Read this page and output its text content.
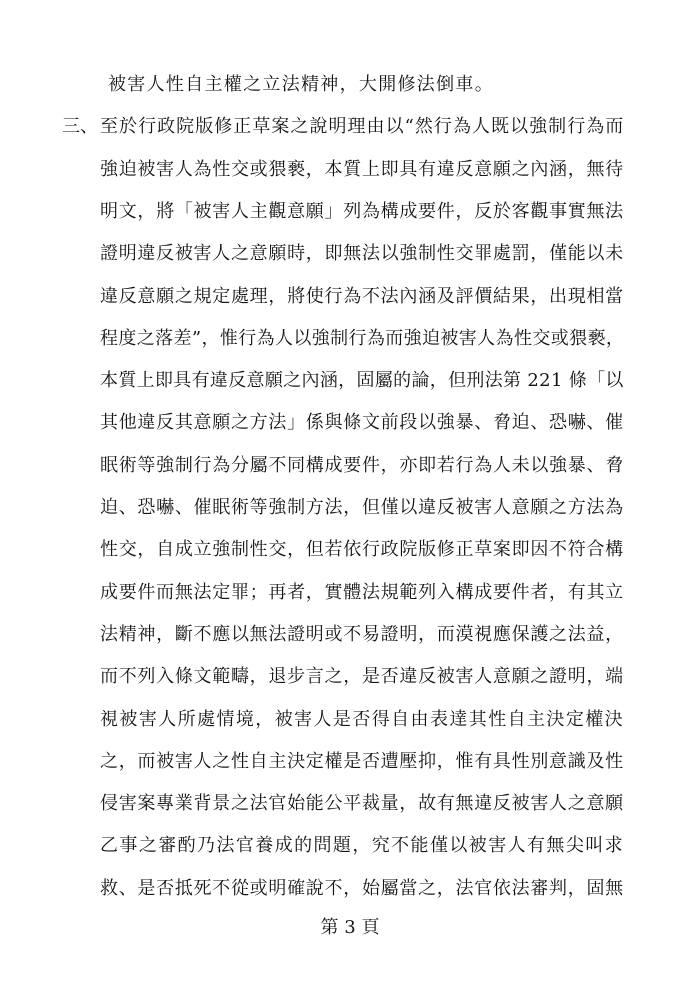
被害人性自主權之立法精神，大開修法倒車。
三、 至於行政院版修正草案之說明理由以“然行為人既以強制行為而
強迫被害人為性交或猥褻，本質上即具有違反意願之內涵，無待
明文，將「被害人主觀意願」列為構成要件，反於客觀事實無法
證明違反被害人之意願時，即無法以強制性交罪處罰，僅能以未
違反意願之規定處理，將使行為不法內涵及評價結果，出現相當
程度之落差”，惟行為人以強制行為而強迫被害人為性交或猥褻，
本質上即具有違反意願之內涵，固屬的論，但刑法第 221 條「以
其他違反其意願之方法」係與條文前段以強暴、脅迫、恐嚇、催
眠術等強制行為分屬不同構成要件，亦即若行為人未以強暴、脅
迫、恐嚇、催眠術等強制方法，但僅以違反被害人意願之方法為
性交，自成立強制性交，但若依行政院版修正草案即因不符合構
成要件而無法定罪；再者，實體法規範列入構成要件者，有其立
法精神，斷不應以無法證明或不易證明，而漠視應保護之法益，
而不列入條文範疇，退步言之，是否違反被害人意願之證明，端
視被害人所處情境，被害人是否得自由表達其性自主決定權決
之，而被害人之性自主決定權是否遭壓抑，惟有具性別意識及性
侵害案專業背景之法官始能公平裁量，故有無違反被害人之意願
乙事之審酌乃法官養成的問題，究不能僅以被害人有無尖叫求
第 3 頁
救、是否抵死不從或明確說不，始屬當之，法官依法審判，固無
